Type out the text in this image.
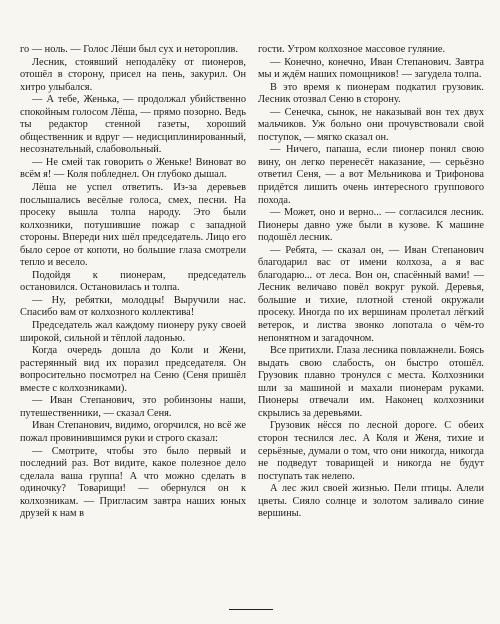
го — ноль. — Голос Лёши был сух и нетороплив.

Лесник, стоявший неподалёку от пионеров, отошёл в сторону, присел на пень, закурил. Он хитро улыбался.

— А тебе, Женька, — продолжал убийственно спокойным голосом Лёша, — прямо позорно. Ведь ты редактор стенной газеты, хороший общественник и вдруг — недисциплинированный, несознательный, слабовольный.

— Не смей так говорить о Женьке! Виноват во всём я! — Коля побледнел. Он глубоко дышал.

Лёша не успел ответить. Из-за деревьев послышались весёлые голоса, смех, песни. На просеку вышла толпа народу. Это были колхозники, потушившие пожар с западной стороны. Впереди них шёл председатель. Лицо его было серое от копоти, но большие глаза смотрели тепло и весело.

Подойдя к пионерам, председатель остановился. Остановилась и толпа.

— Ну, ребятки, молодцы! Выручили нас. Спасибо вам от колхозного коллектива!

Председатель жал каждому пионеру руку своей широкой, сильной и тёплой ладонью.

Когда очередь дошла до Коли и Жени, растерянный вид их поразил председателя. Он вопросительно посмотрел на Сеню (Сеня пришёл вместе с колхозниками).

— Иван Степанович, это робинзоны наши, путешественники, — сказал Сеня.

Иван Степанович, видимо, огорчился, но всё же пожал провинившимся руки и строго сказал:

— Смотрите, чтобы это было первый и последний раз. Вот видите, какое полезное дело сделала ваша группа! А что можно сделать в одиночку? Товарищи! — обернулся он к колхозникам. — Пригласим завтра наших юных друзей к нам в

гости. Утром колхозное массовое гуляние.

— Конечно, конечно, Иван Степанович. Завтра мы и ждём наших помощников! — загудела толпа.

В это время к пионерам подкатил грузовик. Лесник отозвал Сеню в сторону.

— Сенечка, сынок, не наказывай вон тех двух мальчиков. Уж больно они прочувствовали свой поступок, — мягко сказал он.

— Ничего, папаша, если пионер понял свою вину, он легко перенесёт наказание, — серьёзно ответил Сеня, — а вот Мельникова и Трифонова придётся лишить очень интересного группового похода.

— Может, оно и верно... — согласился лесник. Пионеры давно уже были в кузове. К машине подошёл лесник.

— Ребята, — сказал он, — Иван Степанович благодарил вас от имени колхоза, а я вас благодарю... от леса. Вон он, спасённый вами! — Лесник величаво повёл вокруг рукой. Деревья, большие и тихие, плотной стеной окружали просеку. Иногда по их вершинам пролетал лёгкий ветерок, и листва звонко лопотала о чём-то непонятном и загадочном.

Все притихли. Глаза лесника повлажнели. Боясь выдать свою слабость, он быстро отошёл. Грузовик плавно тронулся с места. Колхозники шли за машиной и махали пионерам руками. Пионеры отвечали им. Наконец колхозники скрылись за деревьями.

Грузовик нёсся по лесной дороге. С обеих сторон теснился лес. А Коля и Женя, тихие и серьёзные, думали о том, что они никогда, никогда не подведут товарищей и никогда не будут поступать так нелепо.

А лес жил своей жизнью. Пели птицы. Алели цветы. Сияло солнце и золотом заливало синие вершины.
